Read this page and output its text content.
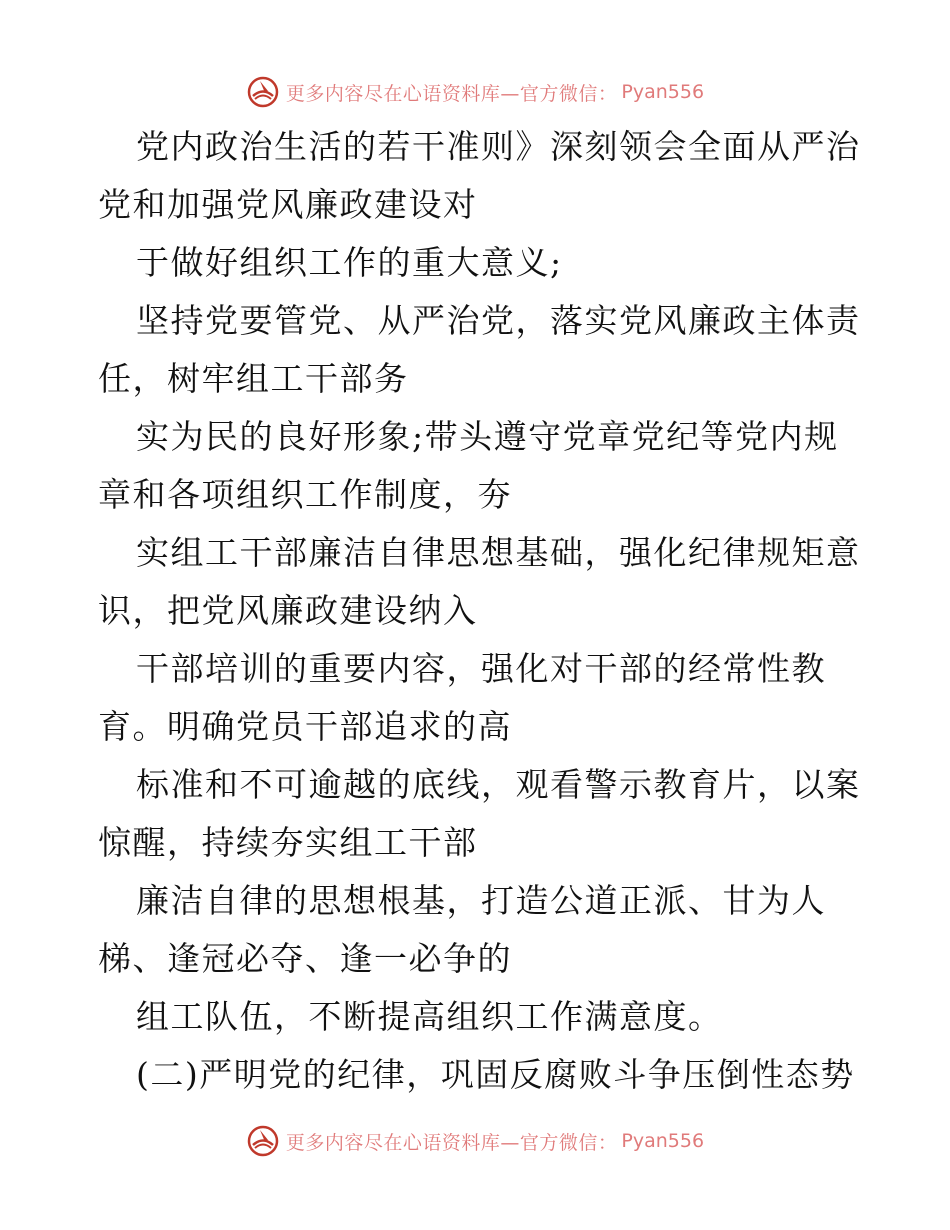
更多内容尽在心语资料库—官方微信： Pyan556
党内政治生活的若干准则》深刻领会全面从严治
党和加强党风廉政建设对
于做好组织工作的重大意义;
坚持党要管党、从严治党，落实党风廉政主体责
任，树牢组工干部务
实为民的良好形象;带头遵守党章党纪等党内规
章和各项组织工作制度，夯
实组工干部廉洁自律思想基础，强化纪律规矩意
识，把党风廉政建设纳入
干部培训的重要内容，强化对干部的经常性教
育。明确党员干部追求的高
标准和不可逾越的底线，观看警示教育片，以案
惊醒，持续夯实组工干部
廉洁自律的思想根基，打造公道正派、甘为人
梯、逢冠必夺、逢一必争的
组工队伍，不断提高组织工作满意度。
(二)严明党的纪律，巩固反腐败斗争压倒性态势
更多内容尽在心语资料库—官方微信： Pyan556
